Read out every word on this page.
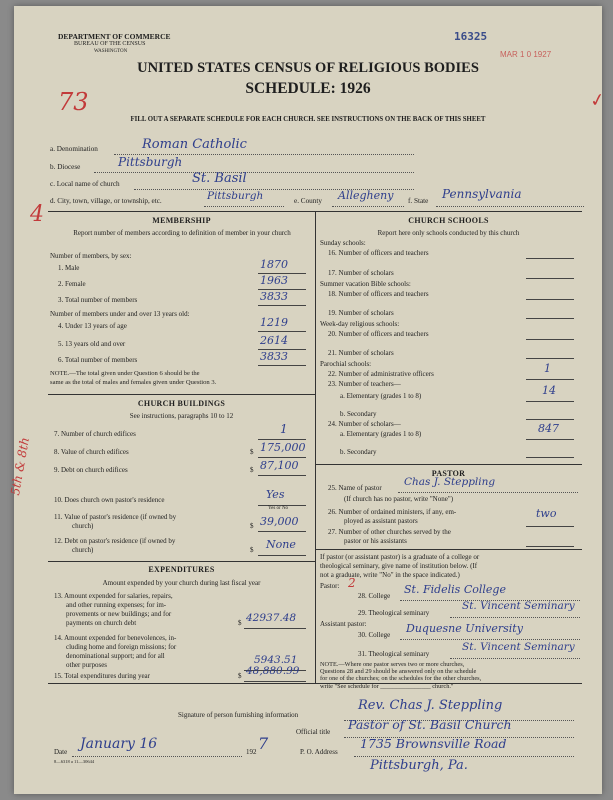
DEPARTMENT OF COMMERCE
BUREAU OF THE CENSUS
WASHINGTON
16325
MAR 1 0 1927
✓
UNITED STATES CENSUS OF RELIGIOUS BODIES
SCHEDULE: 1926
73
FILL OUT A SEPARATE SCHEDULE FOR EACH CHURCH. SEE INSTRUCTIONS ON THE BACK OF THIS SHEET
a. Denomination	Roman Catholic
b. Diocese	Pittsburgh
c. Local name of church	St. Basil
d. City, town, village, or township, etc.	Pittsburgh	e. County Allegheny f. State Pennsylvania
4	MEMBERSHIP
Report number of members according to definition of member in your church
Number of members, by sex:
1. Male	1870
2. Female	1963
3. Total number of members	3833
Number of members under and over 13 years old:
4. Under 13 years of age	1219
5. 13 years old and over	2614
6. Total number of members	3833
NOTE.—The total given under Question 6 should be the
same as the total of males and females given under Question 3.
CHURCH BUILDINGS
See instructions, paragraphs 10 to 12
7. Number of church edifices	1
8. Value of church edifices	$ 175,000
9. Debt on church edifices	$ 87,100
5th & 8th
10. Does church own pastor's residence	Yes
Yes or No
11. Value of pastor's residence (if owned by
church)	$ 39,000
12. Debt on pastor's residence (if owned by
church)	$ None
EXPENDITURES
Amount expended by your church during last fiscal year
13. Amount expended for salaries, repairs,
and other running expenses; for im-
provements or new buildings; and for
payments on church debt	$ 42937.48
14. Amount expended for benevolences, in-
cluding home and foreign missions; for
denominational support; and for all
other purposes	5943.51
15. Total expenditures during year	$ 48,880.99
CHURCH SCHOOLS
Report here only schools conducted by this church
Sunday schools:
16. Number of officers and teachers
17. Number of scholars
Summer vacation Bible schools:
18. Number of officers and teachers
19. Number of scholars
Week-day religious schools:
20. Number of officers and teachers
21. Number of scholars
Parochial schools:
22. Number of administrative officers	1
23. Number of teachers—
a. Elementary (grades 1 to 8)	14
b. Secondary
24. Number of scholars—
a. Elementary (grades 1 to 8)	847
b. Secondary
PASTOR
25. Name of pastor Chas J. Steppling
(If church has no pastor, write "None")
26. Number of ordained ministers, if any, em-
ployed as assistant pastors
two
27. Number of other churches served by the
pastor or his assistants
If pastor (or assistant pastor) is a graduate of a college or
theological seminary, give name of institution below. (If
not a graduate, write "No" in the space indicated.)
Pastor: 2
28. College St. Fidelis College
29. Theological seminary
St. Vincent Seminary
Assistant pastor:
30. College Duquesne University
31. Theological seminary
St. Vincent Seminary
NOTE.—Where one pastor serves two or more churches,
Questions 28 and 29 should be answered only on the schedule
for one of the churches; on the schedules for the other churches,
write "See schedule for ________________ church."
Signature of person furnishing information
Rev. Chas J. Steppling
Official title Pastor of St. Basil Church
Date January 16	192 7	P. O. Address
1735 Brownsville Road
Pittsburgh, Pa.
8—6318 a 11—30644
